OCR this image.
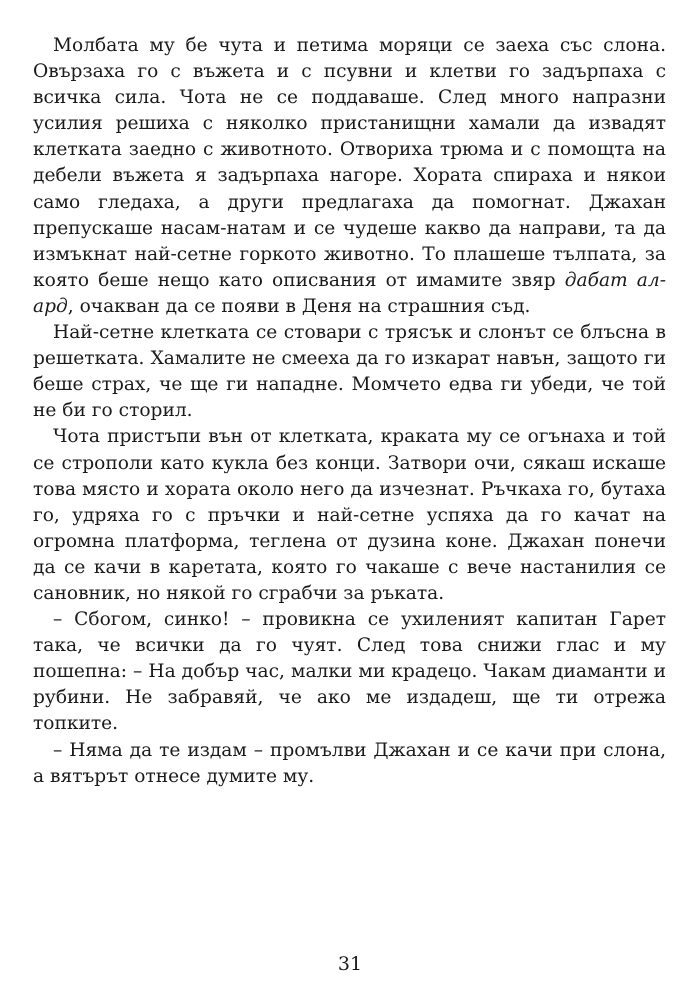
Молбата му бе чута и петима моряци се заеха със слона. Овързаха го с въжета и с псувни и клетви го задърпаха с всичка сила. Чота не се поддаваше. След много напразни усилия решиха с няколко пристанищни хамали да извадят клетката заедно с животното. Отвориха трюма и с помощта на дебели въжета я задърпаха нагоре. Хората спираха и някои само гледаха, а други предлагаха да помогнат. Джахан препускаше насам-натам и се чудеше какво да направи, та да измъкнат най-сетне горкото животно. То плашеше тълпата, за която беше нещо като описвания от имамите звяр дабат ал-ард, очакван да се появи в Деня на страшния съд.

Най-сетне клетката се стовари с трясък и слонът се блъсна в решетката. Хамалите не смееха да го изкарат навън, защото ги беше страх, че ще ги нападне. Момчето едва ги убеди, че той не би го сторил.

Чота пристъпи вън от клетката, краката му се огънаха и той се строполи като кукла без конци. Затвори очи, сякаш искаше това място и хората около него да изчезнат. Ръчкаха го, бутаха го, удряха го с пръчки и най-сетне успяха да го качат на огромна платформа, теглена от дузина коне. Джахан понечи да се качи в каретата, която го чакаше с вече настанилия се сановник, но някой го сграбчи за ръката.

– Сбогом, синко! – провикна се ухиленият капитан Гарет така, че всички да го чуят. След това снижи глас и му пошепна: – На добър час, малки ми крадецо. Чакам диаманти и рубини. Не забравяй, че ако ме издадеш, ще ти отрежа топките.

– Няма да те издам – промълви Джахан и се качи при слона, а вятърът отнесе думите му.

31
